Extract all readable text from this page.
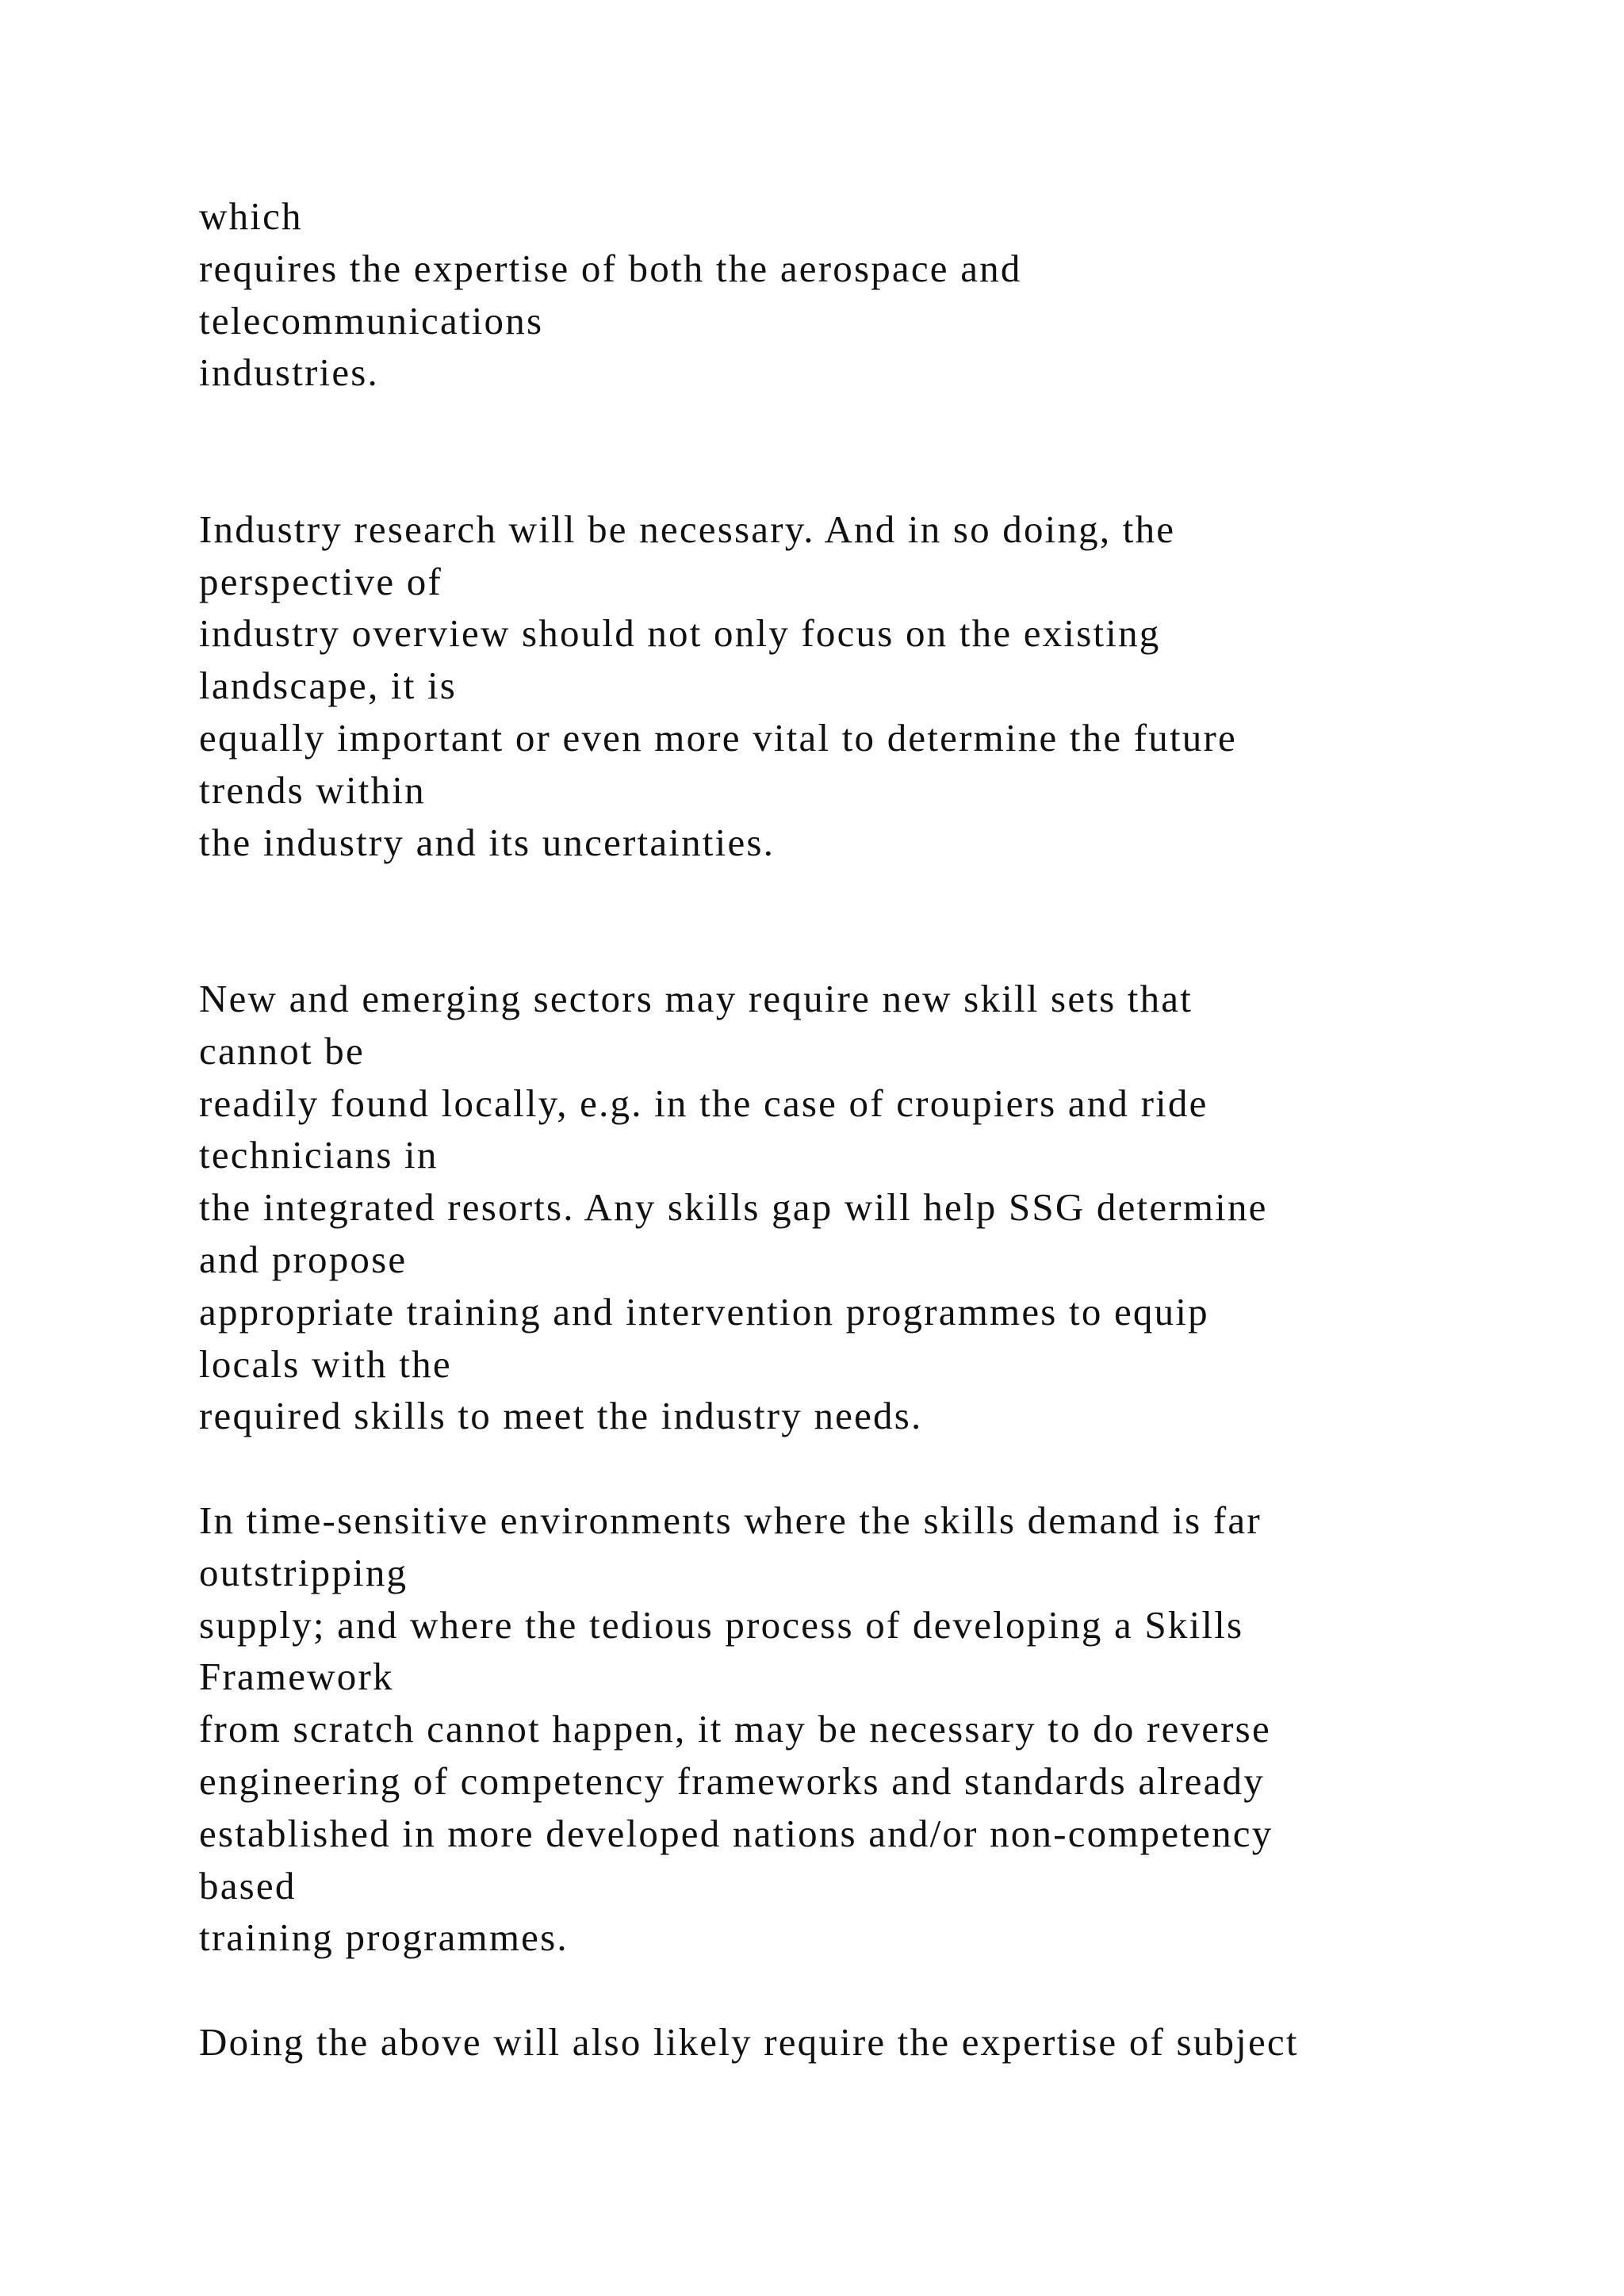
which
requires the expertise of both the aerospace and
telecommunications
industries.
Industry research will be necessary. And in so doing, the
perspective of
industry overview should not only focus on the existing
landscape, it is
equally important or even more vital to determine the future
trends within
the industry and its uncertainties.
New and emerging sectors may require new skill sets that
cannot be
readily found locally, e.g. in the case of croupiers and ride
technicians in
the integrated resorts. Any skills gap will help SSG determine
and propose
appropriate training and intervention programmes to equip
locals with the
required skills to meet the industry needs.
In time-sensitive environments where the skills demand is far
outstripping
supply; and where the tedious process of developing a Skills
Framework
from scratch cannot happen, it may be necessary to do reverse
engineering of competency frameworks and standards already
established in more developed nations and/or non-competency
based
training programmes.
Doing the above will also likely require the expertise of subject
